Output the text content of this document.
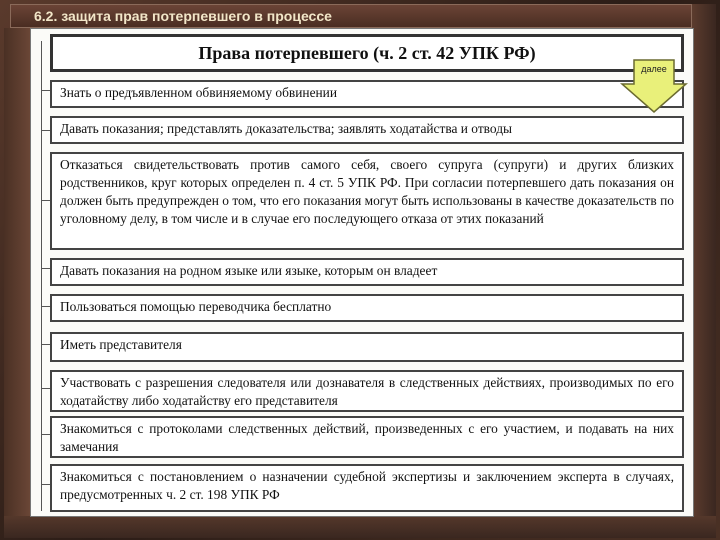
6.2. защита прав потерпевшего в процессе
Права потерпевшего (ч. 2 ст. 42 УПК РФ)
Знать о предъявленном обвиняемому обвинении
Давать показания; представлять доказательства; заявлять ходатайства и отводы
Отказаться свидетельствовать против самого себя, своего супруга (супруги) и других близких родственников, круг которых определен п. 4 ст. 5 УПК РФ. При согласии потерпевшего дать показания он должен быть предупрежден о том, что его показания могут быть использованы в качестве доказательств по уголовному делу, в том числе и в случае его последующего отказа от этих показаний
Давать показания на родном языке или языке, которым он владеет
Пользоваться помощью переводчика бесплатно
Иметь представителя
Участвовать с разрешения следователя или дознавателя в следственных действиях, производимых по его ходатайству либо ходатайству его представителя
Знакомиться с протоколами следственных действий, произведенных с его участием, и подавать на них замечания
Знакомиться с постановлением о назначении судебной экспертизы и заключением эксперта в случаях, предусмотренных ч. 2 ст. 198 УПК РФ
далее
